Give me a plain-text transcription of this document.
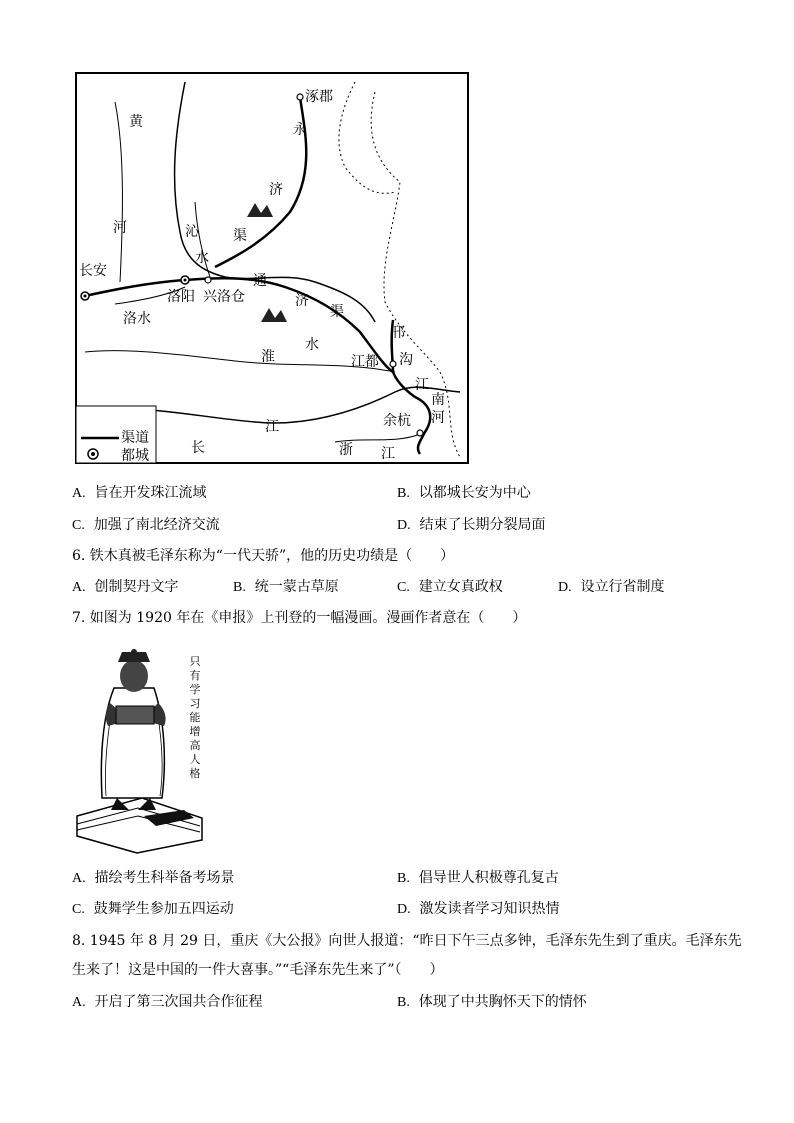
涿郡
黄	永
济
沁 渠
河
水
长安
通
洛阳 兴洛仓	济
渠
洛水
邗
水
淮	江都 沟
江
南
江	余杭 河
长	浙 江
渠道
都城
A. 旨在开发珠江流域	B. 以都城长安为中心
C. 加强了南北经济交流	D. 结束了长期分裂局面
6. 铁木真被毛泽东称为“一代天骄”，他的历史功绩是（　　）
A. 创制契丹文字	B. 统一蒙古草原	C. 建立女真政权	D. 设立行省制度
7. 如图为 1920 年在《申报》上刊登的一幅漫画。漫画作者意在（　　）
只有学习能增高人格
A. 描绘考生科举备考场景	B. 倡导世人积极尊孔复古
C. 鼓舞学生参加五四运动	D. 激发读者学习知识热情
8. 1945 年 8 月 29 日，重庆《大公报》向世人报道：“昨日下午三点多钟，毛泽东先生到了重庆。毛泽东先
生来了！这是中国的一件大喜事。”“毛泽东先生来了”（　　）
A. 开启了第三次国共合作征程	B. 体现了中共胸怀天下的情怀
